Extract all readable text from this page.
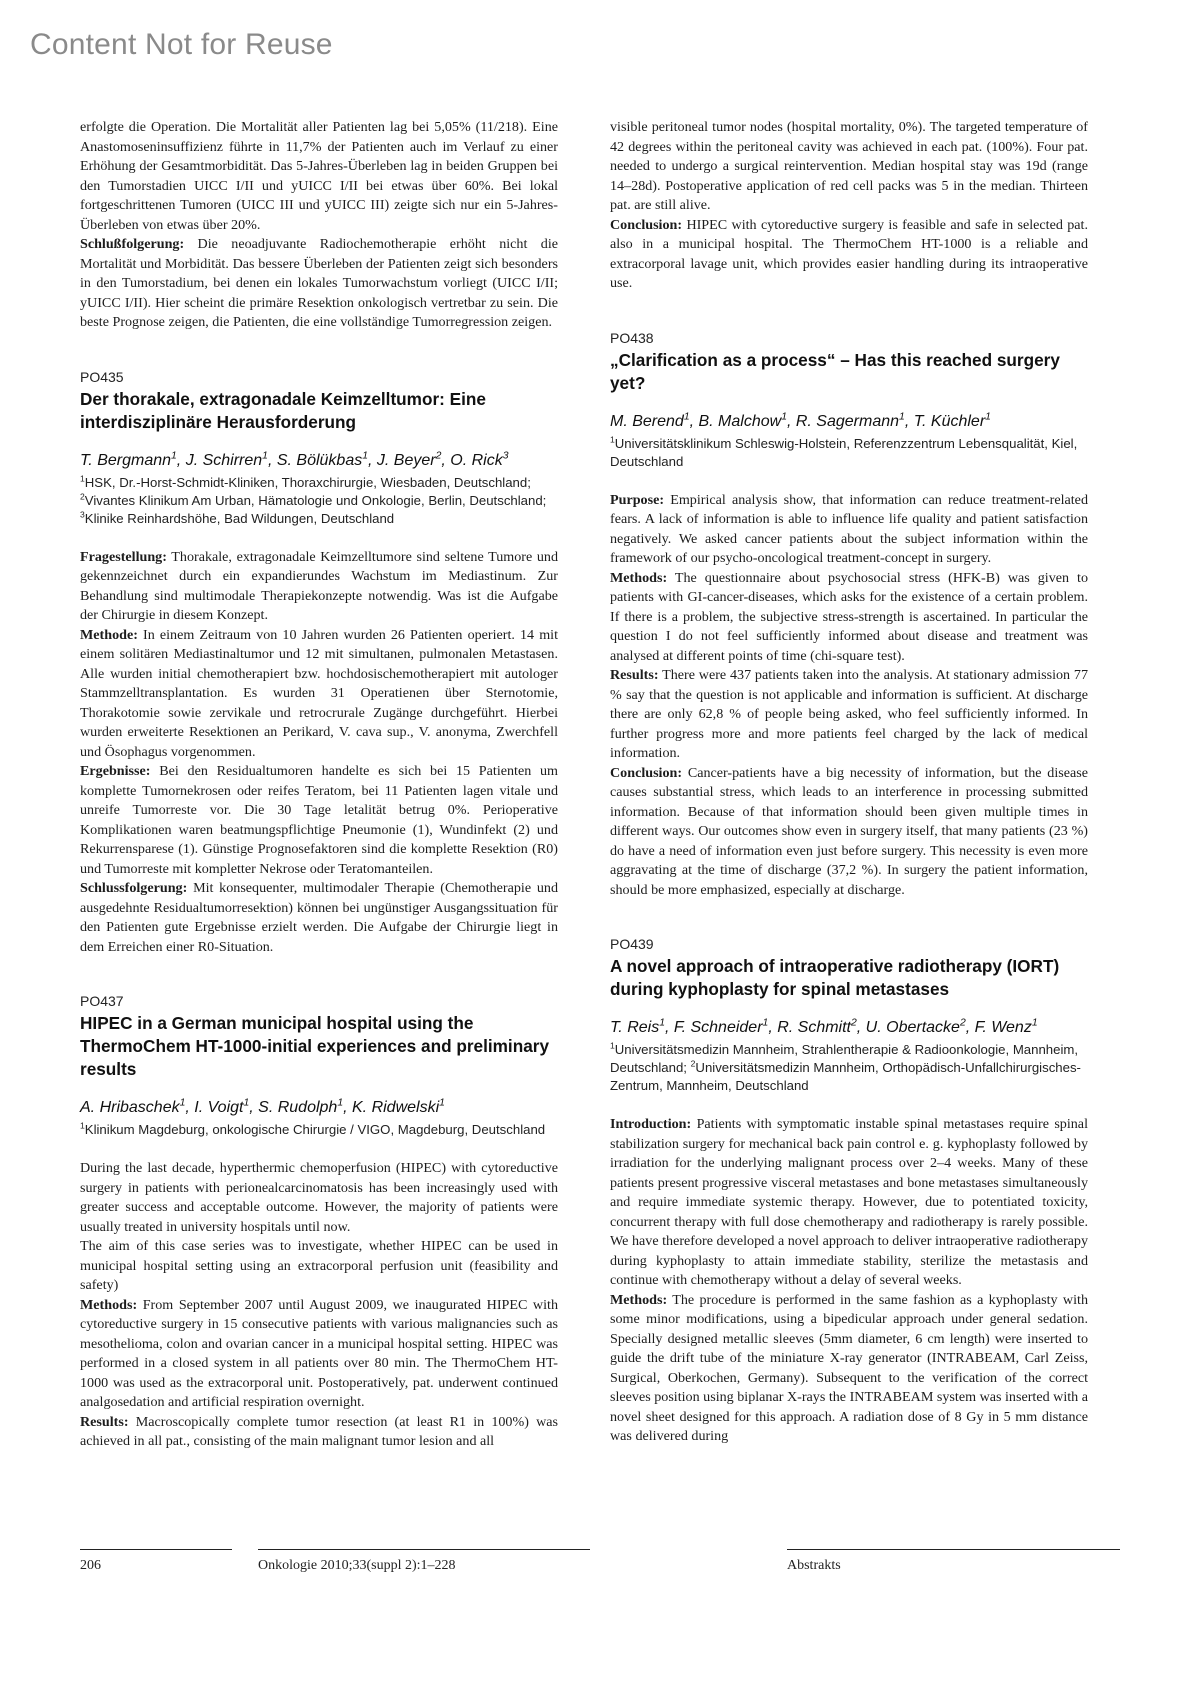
Content Not for Reuse

erfolgte die Operation. Die Mortalität aller Patienten lag bei 5,05% (11/218). Eine Anastomoseninsuffizienz führte in 11,7% der Patienten auch im Verlauf zu einer Erhöhung der Gesamtmorbidität. Das 5-Jahres-Überleben lag in beiden Gruppen bei den Tumorstadien UICC I/II und yUICC I/II bei etwas über 60%. Bei lokal fortgeschrittenen Tumoren (UICC III und yUICC III) zeigte sich nur ein 5-Jahres-Überleben von etwas über 20%.

Schlußfolgerung: Die neoadjuvante Radiochemotherapie erhöht nicht die Mortalität und Morbidität. Das bessere Überleben der Patienten zeigt sich besonders in den Tumorstadium, bei denen ein lokales Tumorwachstum vorliegt (UICC I/II; yUICC I/II). Hier scheint die primäre Resektion onkologisch vertretbar zu sein. Die beste Prognose zeigen, die Patienten, die eine vollständige Tumorregression zeigen.

PO435
Der thorakale, extragonadale Keimzelltumor: Eine interdisziplinäre Herausforderung
T. Bergmann$^1$, J. Schirren$^1$, S. Bölükbas$^1$, J. Beyer$^2$, O. Rick$^3$
$^1$HSK, Dr.-Horst-Schmidt-Kliniken, Thoraxchirurgie, Wiesbaden, Deutschland; $^2$Vivantes Klinikum Am Urban, Hämatologie und Onkologie, Berlin, Deutschland; $^3$Klinike Reinhardshöhe, Bad Wildungen, Deutschland

Fragestellung: Thorakale, extragonadale Keimzelltumore sind seltene Tumore und gekennzeichnet durch ein expandierundes Wachstum im Mediastinum. Zur Behandlung sind multimodale Therapiekonzepte notwendig. Was ist die Aufgabe der Chirurgie in diesem Konzept.

Methode: In einem Zeitraum von 10 Jahren wurden 26 Patienten operiert. 14 mit einem solitären Mediastinaltumor und 12 mit simultanen, pulmonalen Metastasen. Alle wurden initial chemotherapiert bzw. hochdosischemotherapiert mit autologer Stammzelltransplantation. Es wurden 31 Operatienen über Sternotomie, Thorakotomie sowie zervikale und retrocrurale Zugänge durchgeführt. Hierbei wurden erweiterte Resektionen an Perikard, V. cava sup., V. anonyma, Zwerchfell und Ösophagus vorgenommen.

Ergebnisse: Bei den Residualtumoren handelte es sich bei 15 Patienten um komplette Tumornekrosen oder reifes Teratom, bei 11 Patienten lagen vitale und unreife Tumorreste vor. Die 30 Tage letalität betrug 0%. Perioperative Komplikationen waren beatmungspflichtige Pneumonie (1), Wundinfekt (2) und Rekurrensparese (1). Günstige Prognosefaktoren sind die komplette Resektion (R0) und Tumorreste mit kompletter Nekrose oder Teratomanteilen.

Schlussfolgerung: Mit konsequenter, multimodaler Therapie (Chemotherapie und ausgedehnte Residualtumorresektion) können bei ungünstiger Ausgangssituation für den Patienten gute Ergebnisse erzielt werden. Die Aufgabe der Chirurgie liegt in dem Erreichen einer R0-Situation.

PO437
HIPEC in a German municipal hospital using the ThermoChem HT-1000-initial experiences and preliminary results
A. Hribaschek$^1$, I. Voigt$^1$, S. Rudolph$^1$, K. Ridwelski$^1$
$^1$Klinikum Magdeburg, onkologische Chirurgie / VIGO, Magdeburg, Deutschland

During the last decade, hyperthermic chemoperfusion (HIPEC) with cytoreductive surgery in patients with perionealcarcinomatosis has been increasingly used with greater success and acceptable outcome. However, the majority of patients were usually treated in university hospitals until now.

The aim of this case series was to investigate, whether HIPEC can be used in municipal hospital setting using an extracorporal perfusion unit (feasibility and safety)

Methods: From September 2007 until August 2009, we inaugurated HIPEC with cytoreductive surgery in 15 consecutive patients with various malignancies such as mesothelioma, colon and ovarian cancer in a municipal hospital setting. HIPEC was performed in a closed system in all patients over 80 min. The ThermoChem HT-1000 was used as the extracorporal unit. Postoperatively, pat. underwent continued analgosedation and artificial respiration overnight.

Results: Macroscopically complete tumor resection (at least R1 in 100%) was achieved in all pat., consisting of the main malignant tumor lesion and all

visible peritoneal tumor nodes (hospital mortality, 0%). The targeted temperature of 42 degrees within the peritoneal cavity was achieved in each pat. (100%). Four pat. needed to undergo a surgical reintervention. Median hospital stay was 19d (range 14–28d). Postoperative application of red cell packs was 5 in the median. Thirteen pat. are still alive.

Conclusion: HIPEC with cytoreductive surgery is feasible and safe in selected pat. also in a municipal hospital. The ThermoChem HT-1000 is a reliable and extracorporal lavage unit, which provides easier handling during its intraoperative use.

PO438
„Clarification as a process“ – Has this reached surgery yet?
M. Berend$^1$, B. Malchow$^1$, R. Sagermann$^1$, T. Küchler$^1$
$^1$Universitätsklinikum Schleswig-Holstein, Referenzzentrum Lebensqualität, Kiel, Deutschland

Purpose: Empirical analysis show, that information can reduce treatment-related fears. A lack of information is able to influence life quality and patient satisfaction negatively. We asked cancer patients about the subject information within the framework of our psycho-oncological treatment-concept in surgery.

Methods: The questionnaire about psychosocial stress (HFK-B) was given to patients with GI-cancer-diseases, which asks for the existence of a certain problem. If there is a problem, the subjective stress-strength is ascertained. In particular the question I do not feel sufficiently informed about disease and treatment was analysed at different points of time (chi-square test).

Results: There were 437 patients taken into the analysis. At stationary admission 77 % say that the question is not applicable and information is sufficient. At discharge there are only 62,8 % of people being asked, who feel sufficiently informed. In further progress more and more patients feel charged by the lack of medical information.

Conclusion: Cancer-patients have a big necessity of information, but the disease causes substantial stress, which leads to an interference in processing submitted information. Because of that information should been given multiple times in different ways. Our outcomes show even in surgery itself, that many patients (23 %) do have a need of information even just before surgery. This necessity is even more aggravating at the time of discharge (37,2 %). In surgery the patient information, should be more emphasized, especially at discharge.

PO439
A novel approach of intraoperative radiotherapy (IORT) during kyphoplasty for spinal metastases
T. Reis$^1$, F. Schneider$^1$, R. Schmitt$^2$, U. Obertacke$^2$, F. Wenz$^1$
$^1$Universitätsmedizin Mannheim, Strahlentherapie & Radioonkologie, Mannheim, Deutschland; $^2$Universitätsmedizin Mannheim, Orthopädisch-Unfallchirurgisches-Zentrum, Mannheim, Deutschland

Introduction: Patients with symptomatic instable spinal metastases require spinal stabilization surgery for mechanical back pain control e. g. kyphoplasty followed by irradiation for the underlying malignant process over 2–4 weeks. Many of these patients present progressive visceral metastases and bone metastases simultaneously and require immediate systemic therapy. However, due to potentiated toxicity, concurrent therapy with full dose chemotherapy and radiotherapy is rarely possible. We have therefore developed a novel approach to deliver intraoperative radiotherapy during kyphoplasty to attain immediate stability, sterilize the metastasis and continue with chemotherapy without a delay of several weeks.

Methods: The procedure is performed in the same fashion as a kyphoplasty with some minor modifications, using a bipedicular approach under general sedation. Specially designed metallic sleeves (5mm diameter, 6 cm length) were inserted to guide the drift tube of the miniature X-ray generator (INTRABEAM, Carl Zeiss, Surgical, Oberkochen, Germany). Subsequent to the verification of the correct sleeves position using biplanar X-rays the INTRABEAM system was inserted with a novel sheet designed for this approach. A radiation dose of 8 Gy in 5 mm distance was delivered during

206	Onkologie 2010;33(suppl 2):1–228	Abstrakts
